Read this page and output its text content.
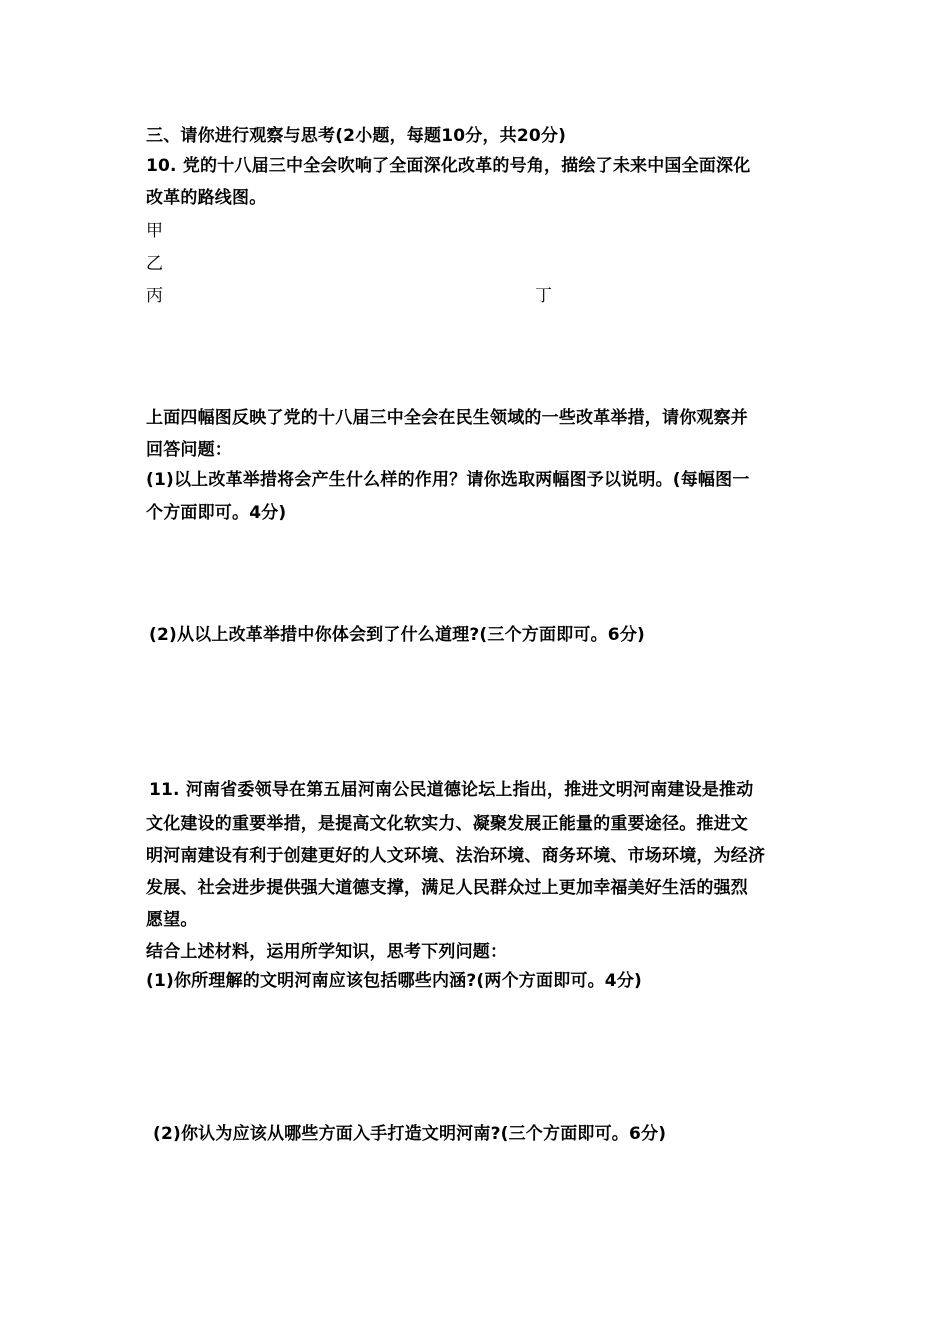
三、请你进行观察与思考(2小题，每题10分，共20分)
10. 党的十八届三中全会吹响了全面深化改革的号角，描绘了未来中国全面深化
改革的路线图。
甲
乙
丙	丁
上面四幅图反映了党的十八届三中全会在民生领域的一些改革举措，请你观察并
回答问题：
(1)以上改革举措将会产生什么样的作用？请你选取两幅图予以说明。(每幅图一
个方面即可。4分)
(2)从以上改革举措中你体会到了什么道理?(三个方面即可。6分)
11. 河南省委领导在第五届河南公民道德论坛上指出，推进文明河南建设是推动
文化建设的重要举措，是提高文化软实力、凝聚发展正能量的重要途径。推进文
明河南建设有利于创建更好的人文环境、法治环境、商务环境、市场环境，为经济
发展、社会进步提供强大道德支撑，满足人民群众过上更加幸福美好生活的强烈
愿望。
结合上述材料，运用所学知识，思考下列问题：
(1)你所理解的文明河南应该包括哪些内涵?(两个方面即可。4分)
(2)你认为应该从哪些方面入手打造文明河南?(三个方面即可。6分)
